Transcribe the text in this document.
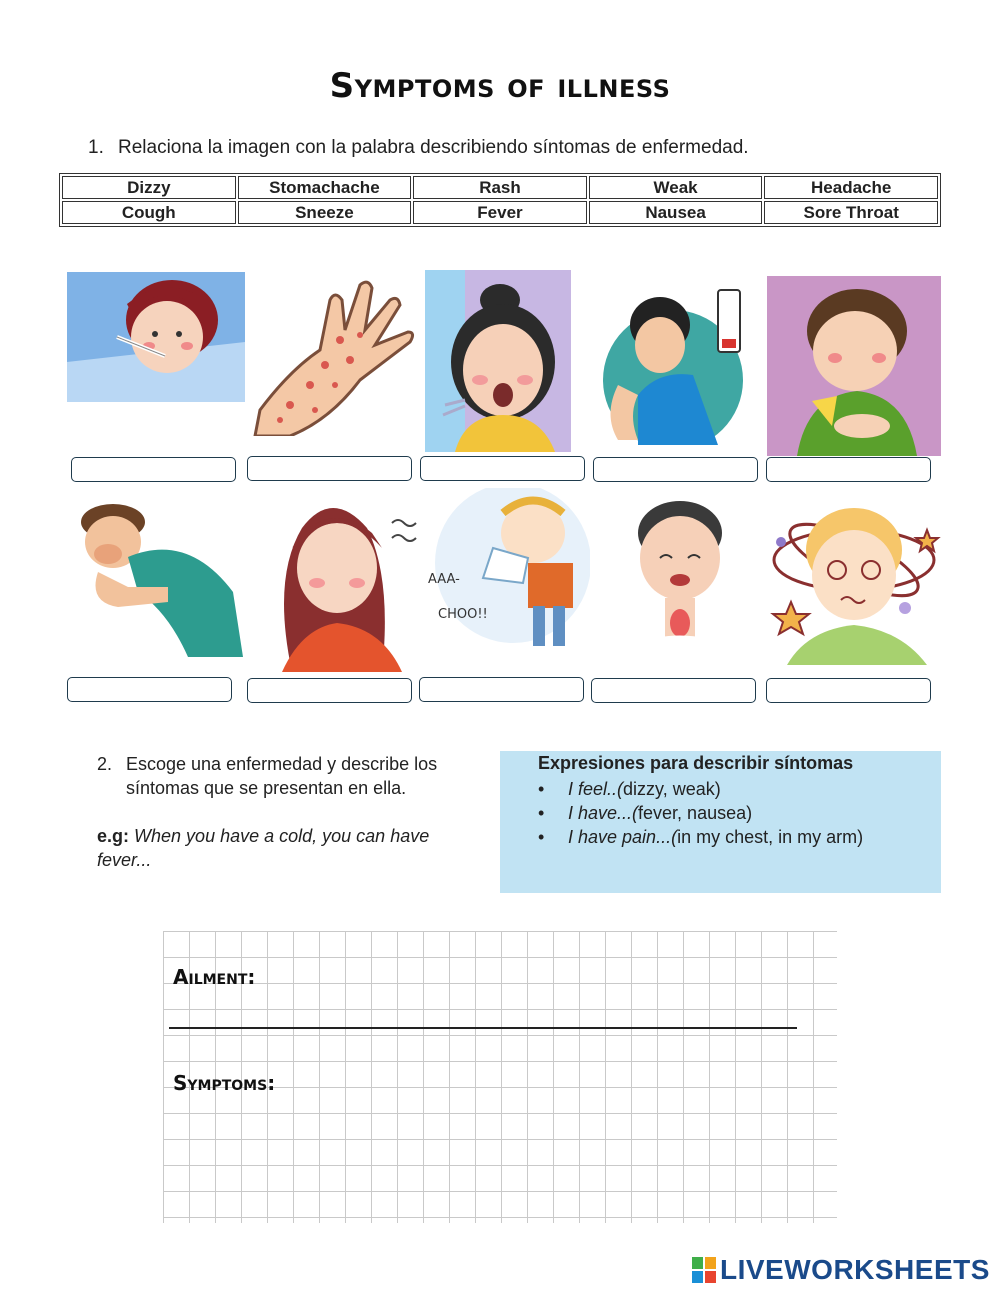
Symptoms of illness
1. Relaciona la imagen con la palabra describiendo síntomas de enfermedad.
Dizzy	Stomachache	Rash	Weak	Headache
Cough	Sneeze	Fever	Nausea	Sore Throat
AAA-
CHOO!!
2. Escoge una enfermedad y describe los síntomas que se presentan en ella.
e.g: When you have a cold, you can have fever...
Expresiones para describir síntomas
• I feel..(dizzy, weak)
• I have...(fever, nausea)
• I have pain...(in my chest, in my arm)
Ailment:
Symptoms:
LIVEWORKSHEETS
